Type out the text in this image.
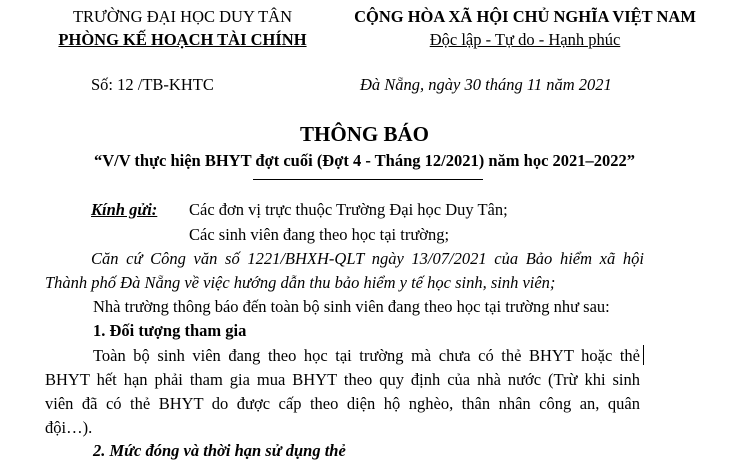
TRƯỜNG ĐẠI HỌC DUY TÂN
PHÒNG KẾ HOẠCH TÀI CHÍNH
CỘNG HÒA XÃ HỘI CHỦ NGHĨA VIỆT NAM
Độc lập - Tự do - Hạnh phúc
Số: 12 /TB-KHTC	Đà Nẵng, ngày 30 tháng 11 năm 2021
THÔNG BÁO
“V/V thực hiện BHYT đợt cuối (Đợt 4 - Tháng 12/2021) năm học 2021–2022”
Kính gửi: Các đơn vị trực thuộc Trường Đại học Duy Tân;
Các sinh viên đang theo học tại trường;
Căn cứ Công văn số 1221/BHXH-QLT ngày 13/07/2021 của Bảo hiểm xã hội
Thành phố Đà Nẵng về việc hướng dẫn thu bảo hiểm y tế học sinh, sinh viên;
Nhà trường thông báo đến toàn bộ sinh viên đang theo học tại trường như sau:
1. Đối tượng tham gia
Toàn bộ sinh viên đang theo học tại trường mà chưa có thẻ BHYT hoặc thẻ
BHYT hết hạn phải tham gia mua BHYT theo quy định của nhà nước (Trừ khi sinh
viên đã có thẻ BHYT do được cấp theo diện hộ nghèo, thân nhân công an, quân
đội…).
2. Mức đóng và thời hạn sử dụng thẻ
